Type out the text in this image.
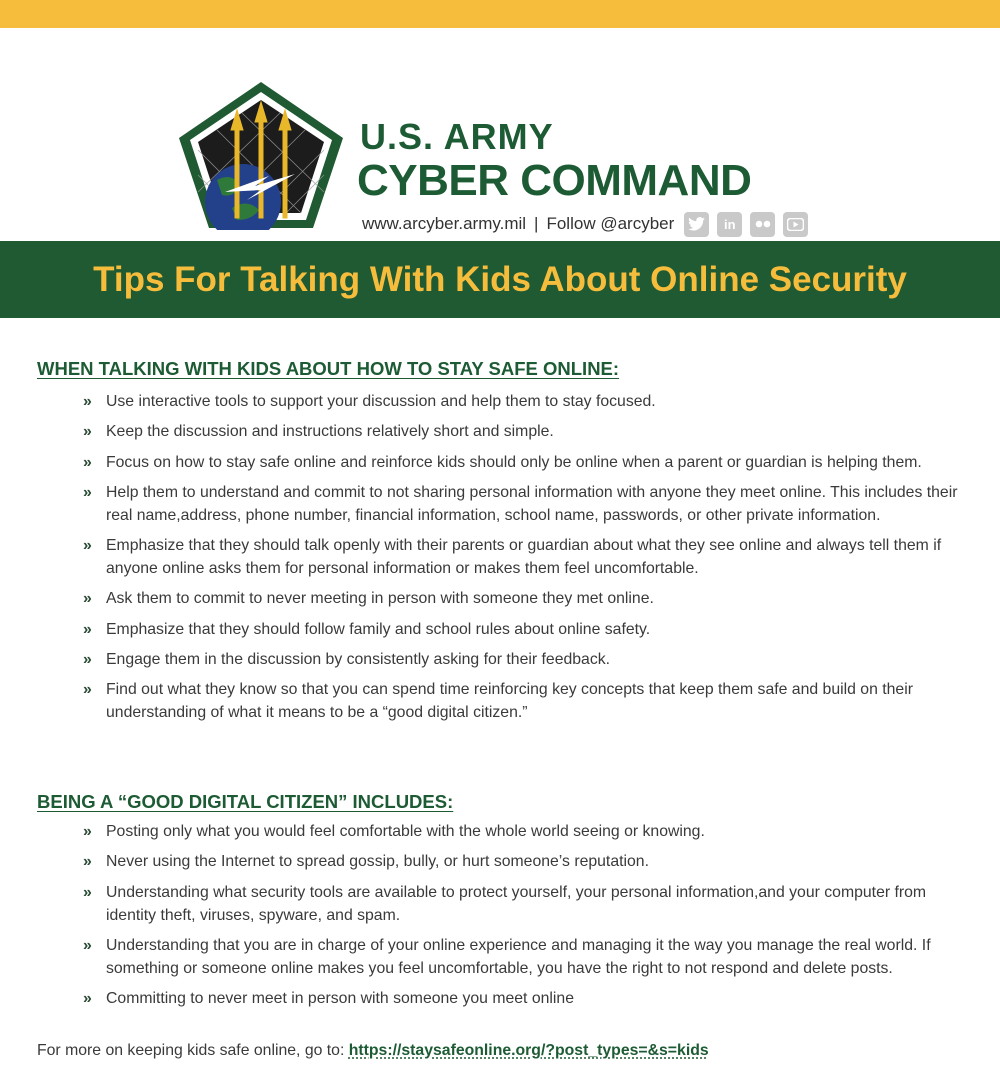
U.S. ARMY
CYBER COMMAND
www.arcyber.army.mil | Follow @arcyber	in
Tips For Talking With Kids About Online Security
WHEN TALKING WITH KIDS ABOUT HOW TO STAY SAFE ONLINE:
» Use interactive tools to support your discussion and help them to stay focused.
» Keep the discussion and instructions relatively short and simple.
» Focus on how to stay safe online and reinforce kids should only be online when a parent or guardian is helping them.
» Help them to understand and commit to not sharing personal information with anyone they meet online. This includes their real name,address, phone number, financial information, school name, passwords, or other private information.
» Emphasize that they should talk openly with their parents or guardian about what they see online and always tell them if anyone online asks them for personal information or makes them feel uncomfortable.
» Ask them to commit to never meeting in person with someone they met online.
» Emphasize that they should follow family and school rules about online safety.
» Engage them in the discussion by consistently asking for their feedback.
» Find out what they know so that you can spend time reinforcing key concepts that keep them safe and build on their understanding of what it means to be a “good digital citizen.”
BEING A “GOOD DIGITAL CITIZEN” INCLUDES:
» Posting only what you would feel comfortable with the whole world seeing or knowing.
» Never using the Internet to spread gossip, bully, or hurt someone’s reputation.
» Understanding what security tools are available to protect yourself, your personal information,and your computer from identity theft, viruses, spyware, and spam.
» Understanding that you are in charge of your online experience and managing it the way you manage the real world. If something or someone online makes you feel uncomfortable, you have the right to not respond and delete posts.
» Committing to never meet in person with someone you meet online
For more on keeping kids safe online, go to: https://staysafeonline.org/?post_types=&s=kids
